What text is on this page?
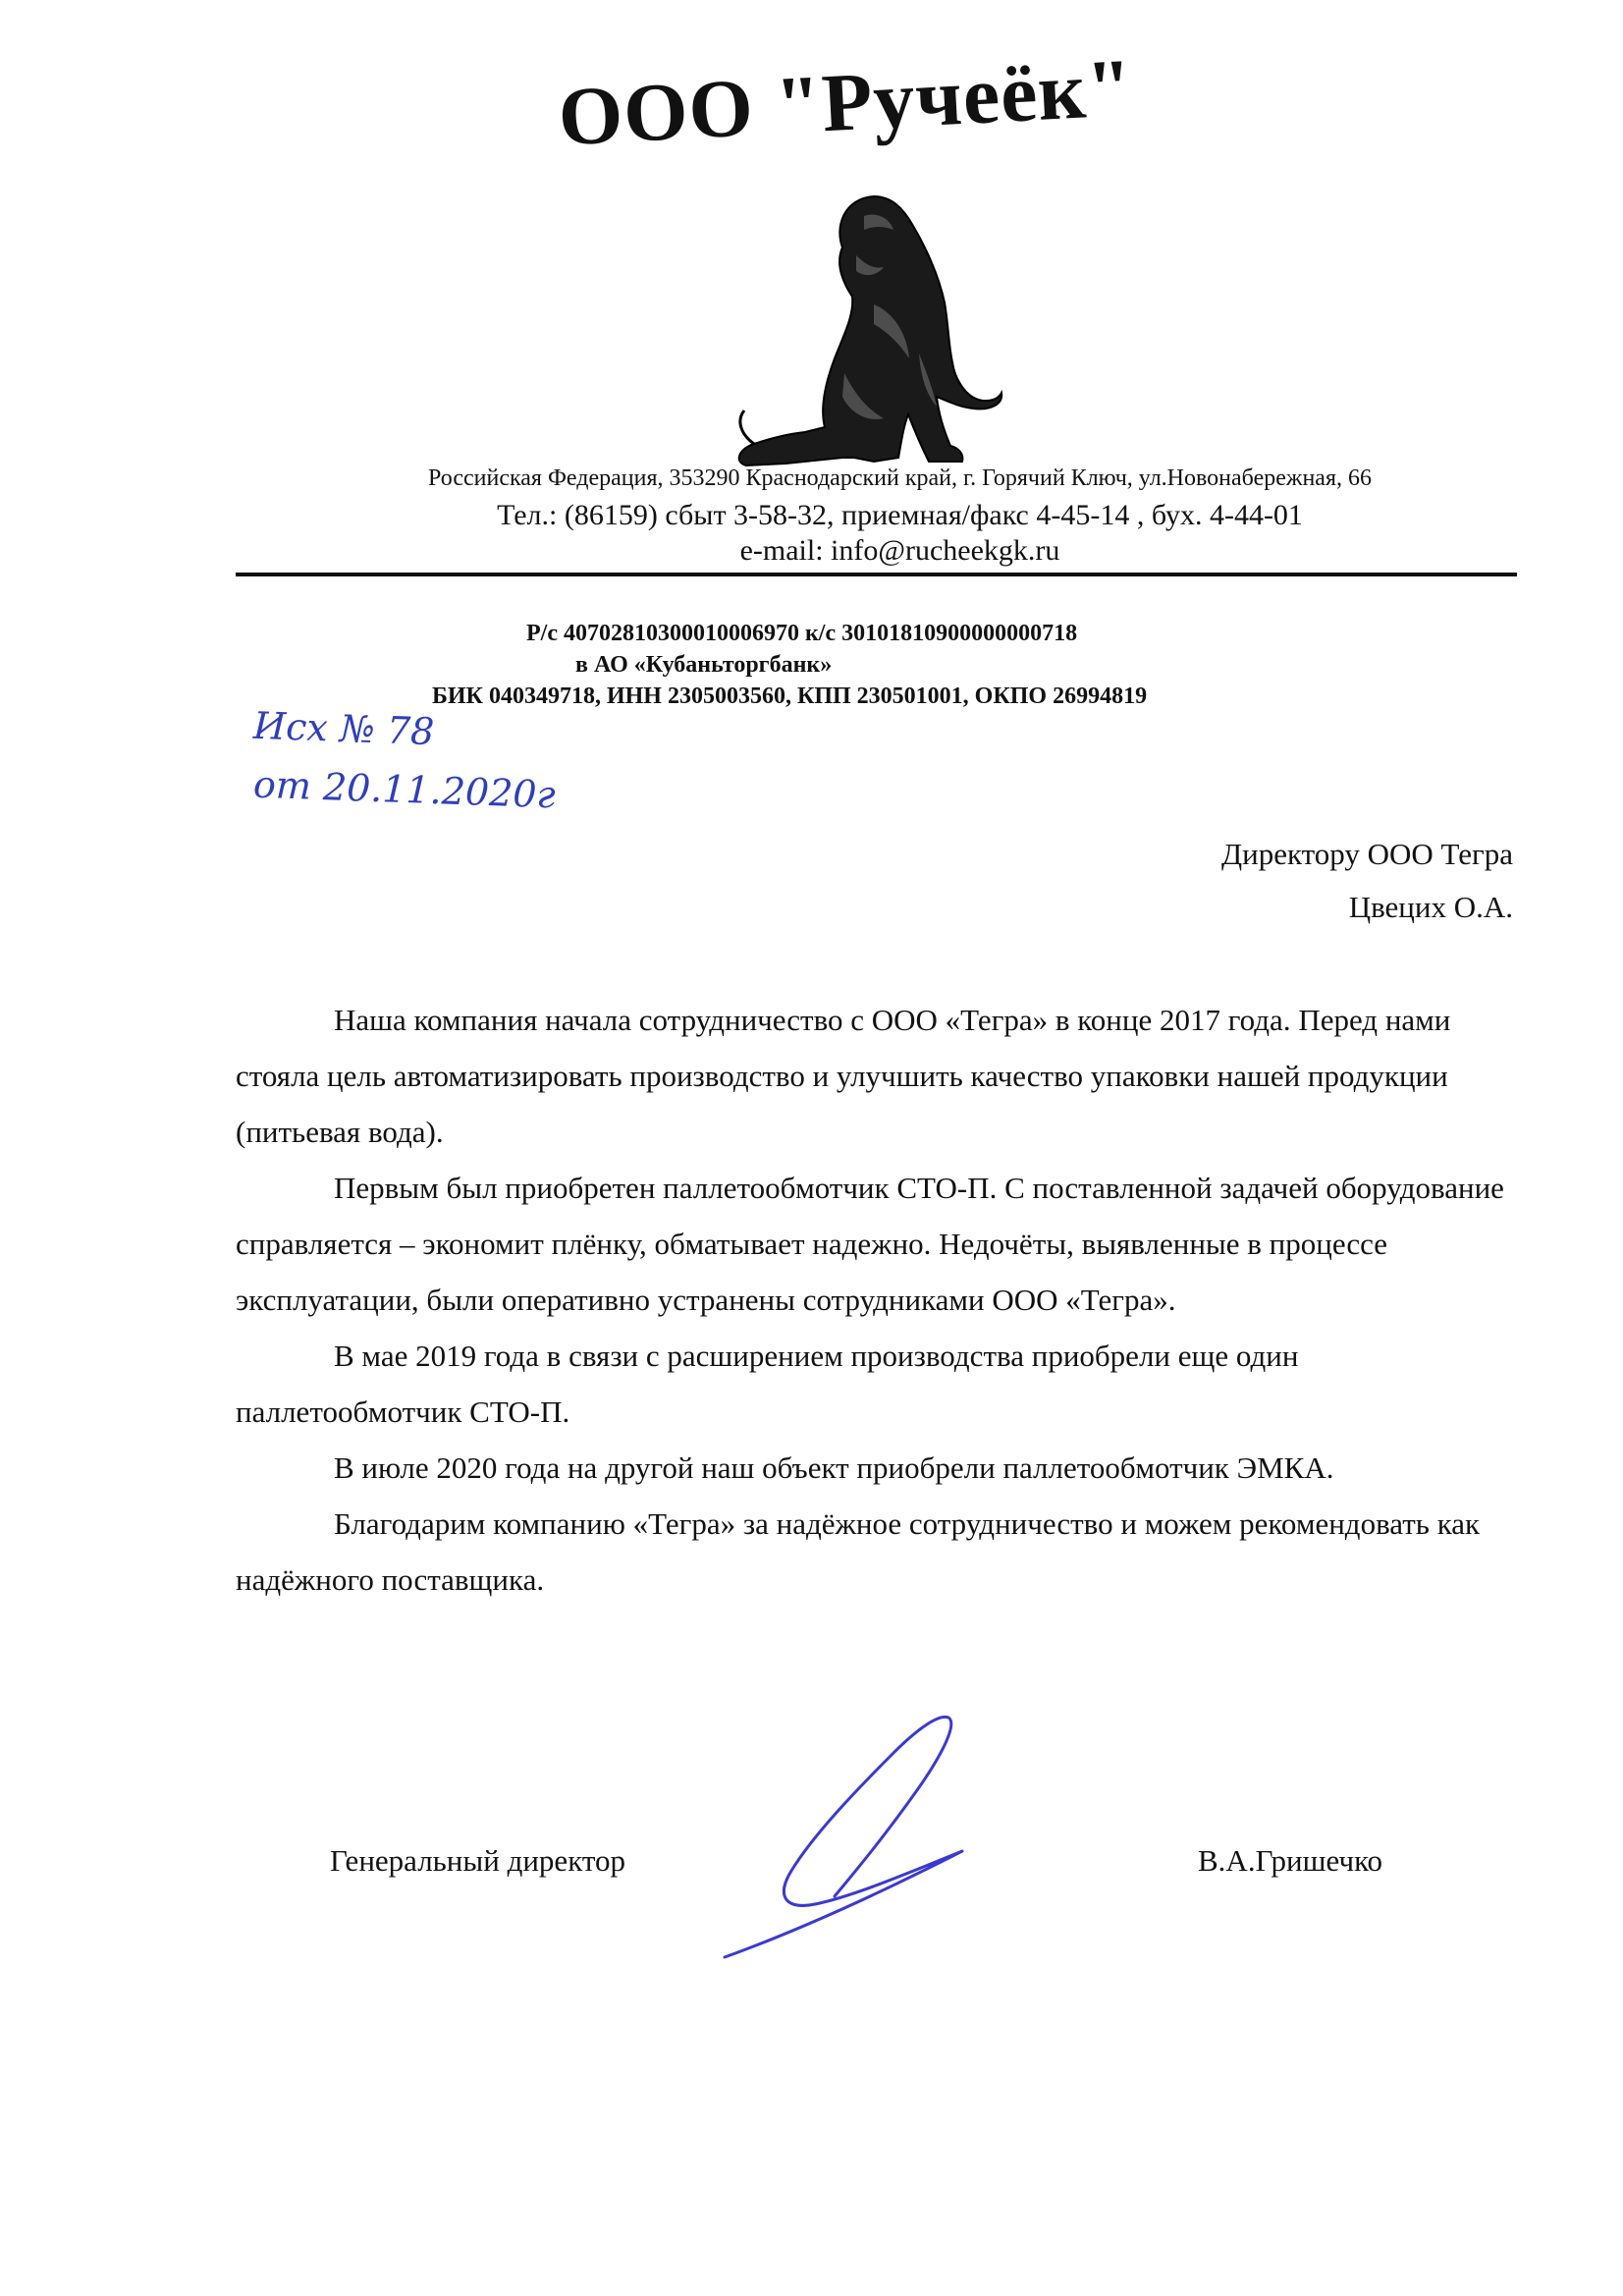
ООО "Ручеёк"
Российская Федерация, 353290 Краснодарский край, г. Горячий Ключ, ул.Новонабережная, 66
Тел.: (86159) сбыт 3-58-32, приемная/факс 4-45-14 , бух. 4-44-01
e-mail: info@rucheekgk.ru
Р/с 40702810300010006970 к/с 30101810900000000718
в АО «Кубаньторгбанк»
БИК 040349718, ИНН 2305003560, КПП 230501001, ОКПО 26994819
Исх № 78
от 20.11.2020г
Директору ООО Тегра
Цвецих О.А.

Наша компания начала сотрудничество с ООО «Тегра» в конце 2017 года. Перед нами стояла цель автоматизировать производство и улучшить качество упаковки нашей продукции (питьевая вода).

Первым был приобретен паллетообмотчик СТО-П. С поставленной задачей оборудование справляется – экономит плёнку, обматывает надежно. Недочёты, выявленные в процессе эксплуатации, были оперативно устранены сотрудниками ООО «Тегра».

В мае 2019 года в связи с расширением производства приобрели еще один паллетообмотчик СТО-П.

В июле 2020 года на другой наш объект приобрели паллетообмотчик ЭМКА.

Благодарим компанию «Тегра» за надёжное сотрудничество и можем рекомендовать как надёжного поставщика.

Генеральный директор	В.А.Гришечко
